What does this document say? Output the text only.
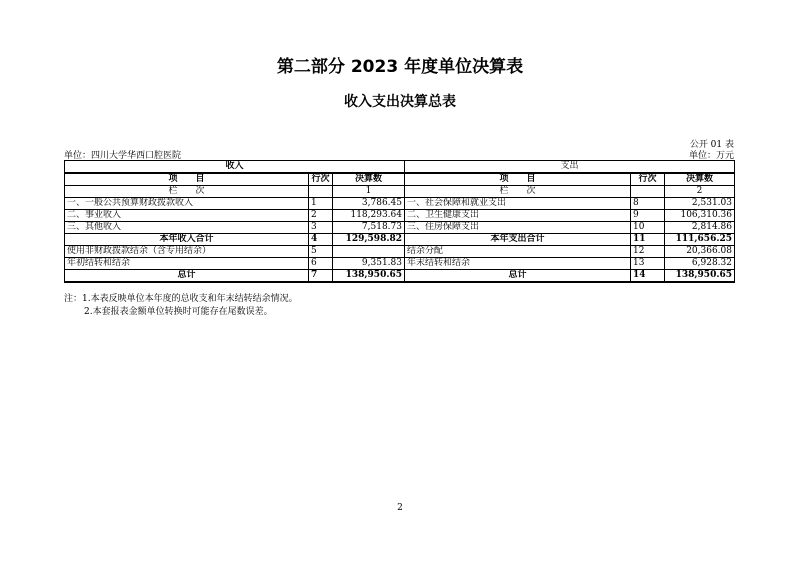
第二部分 2023 年度单位决算表
收入支出决算总表
公开 01 表
单位：四川大学华西口腔医院	单位：万元
收入			支出		
项　　目	行次	决算数	项　　目	行次	决算数
栏　　次		1	栏　　次		2
一、一般公共预算财政拨款收入	1	3,786.45	一、社会保障和就业支出	8	2,531.03
二、事业收入	2	118,293.64	二、卫生健康支出	9	106,310.36
三、其他收入	3	7,518.73	三、住房保障支出	10	2,814.86
本年收入合计	4	129,598.82	本年支出合计	11	111,656.25
使用非财政拨款结余（含专用结余）	5		结余分配	12	20,366.08
年初结转和结余	6	9,351.83	年末结转和结余	13	6,928.32
总计	7	138,950.65	总计	14	138,950.65
注：1.本表反映单位本年度的总收支和年末结转结余情况。
2.本套报表金额单位转换时可能存在尾数误差。
2
